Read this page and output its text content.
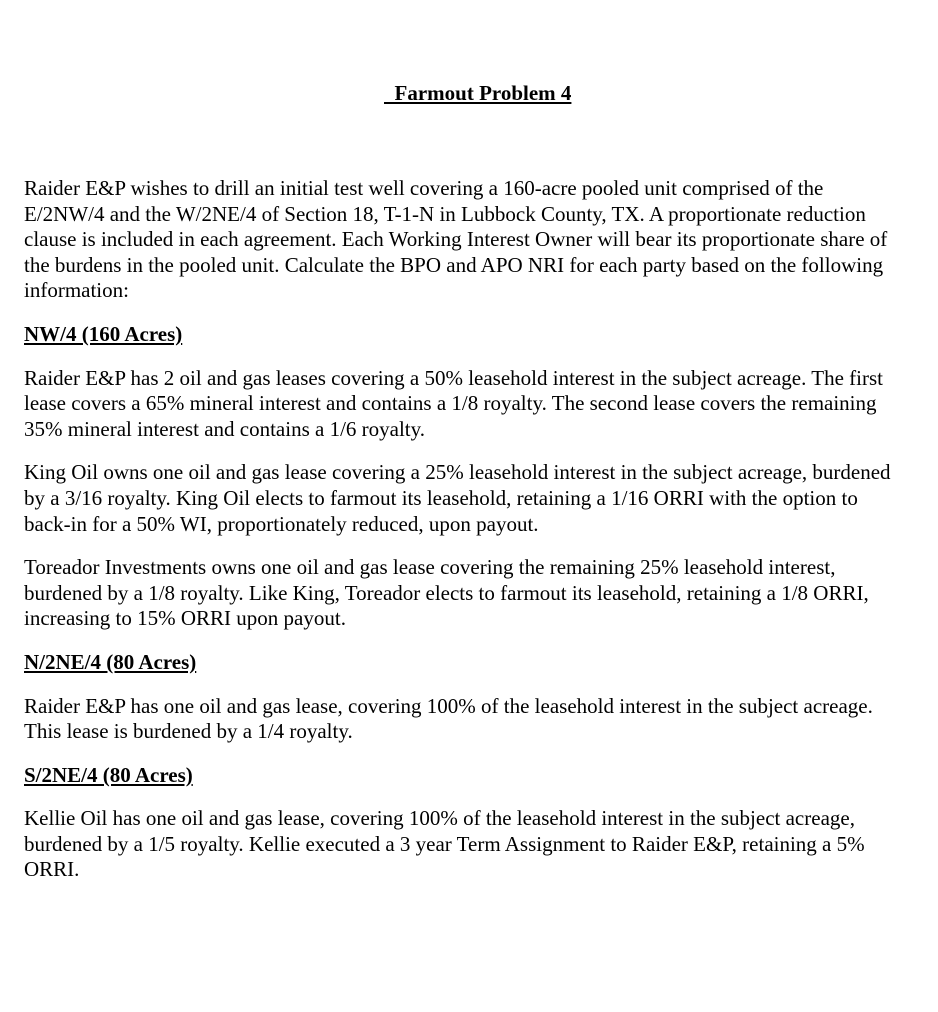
Farmout Problem 4

Raider E&P wishes to drill an initial test well covering a 160-acre pooled unit comprised of the E/2NW/4 and the W/2NE/4 of Section 18, T-1-N in Lubbock County, TX. A proportionate reduction clause is included in each agreement. Each Working Interest Owner will bear its proportionate share of the burdens in the pooled unit. Calculate the BPO and APO NRI for each party based on the following information:

NW/4 (160 Acres)

Raider E&P has 2 oil and gas leases covering a 50% leasehold interest in the subject acreage. The first lease covers a 65% mineral interest and contains a 1/8 royalty. The second lease covers the remaining 35% mineral interest and contains a 1/6 royalty.

King Oil owns one oil and gas lease covering a 25% leasehold interest in the subject acreage, burdened by a 3/16 royalty. King Oil elects to farmout its leasehold, retaining a 1/16 ORRI with the option to back-in for a 50% WI, proportionately reduced, upon payout.

Toreador Investments owns one oil and gas lease covering the remaining 25% leasehold interest, burdened by a 1/8 royalty. Like King, Toreador elects to farmout its leasehold, retaining a 1/8 ORRI, increasing to 15% ORRI upon payout.

N/2NE/4 (80 Acres)

Raider E&P has one oil and gas lease, covering 100% of the leasehold interest in the subject acreage. This lease is burdened by a 1/4 royalty.

S/2NE/4 (80 Acres)

Kellie Oil has one oil and gas lease, covering 100% of the leasehold interest in the subject acreage, burdened by a 1/5 royalty. Kellie executed a 3 year Term Assignment to Raider E&P, retaining a 5% ORRI.
